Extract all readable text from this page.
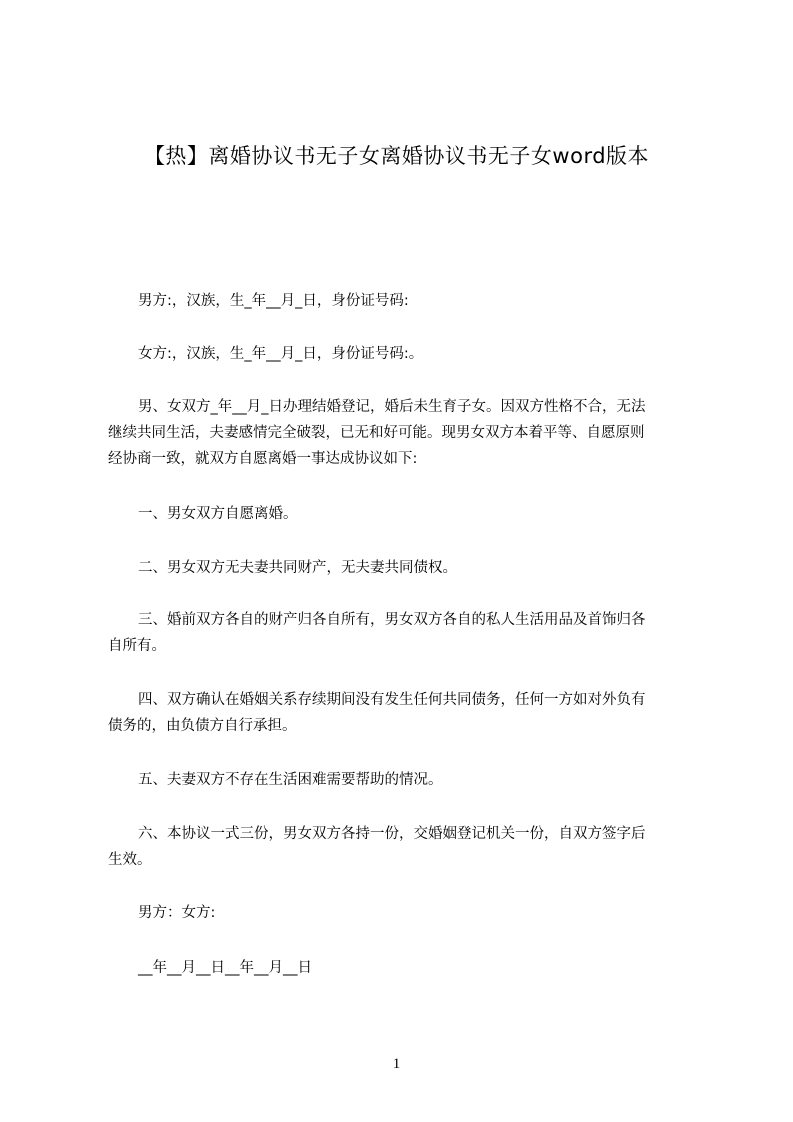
【热】离婚协议书无子女离婚协议书无子女word版本
男方:，汉族，生_年__月_日，身份证号码:
女方:，汉族，生_年__月_日，身份证号码:。
男、女双方_年__月_日办理结婚登记，婚后未生育子女。因双方性格不合，无法
继续共同生活，夫妻感情完全破裂，已无和好可能。现男女双方本着平等、自愿原则
经协商一致，就双方自愿离婚一事达成协议如下:
一、男女双方自愿离婚。
二、男女双方无夫妻共同财产，无夫妻共同债权。
三、婚前双方各自的财产归各自所有，男女双方各自的私人生活用品及首饰归各
自所有。
四、双方确认在婚姻关系存续期间没有发生任何共同债务，任何一方如对外负有
债务的，由负债方自行承担。
五、夫妻双方不存在生活困难需要帮助的情况。
六、本协议一式三份，男女双方各持一份，交婚姻登记机关一份，自双方签字后
生效。
男方：女方:
__年__月__日__年__月__日
1
